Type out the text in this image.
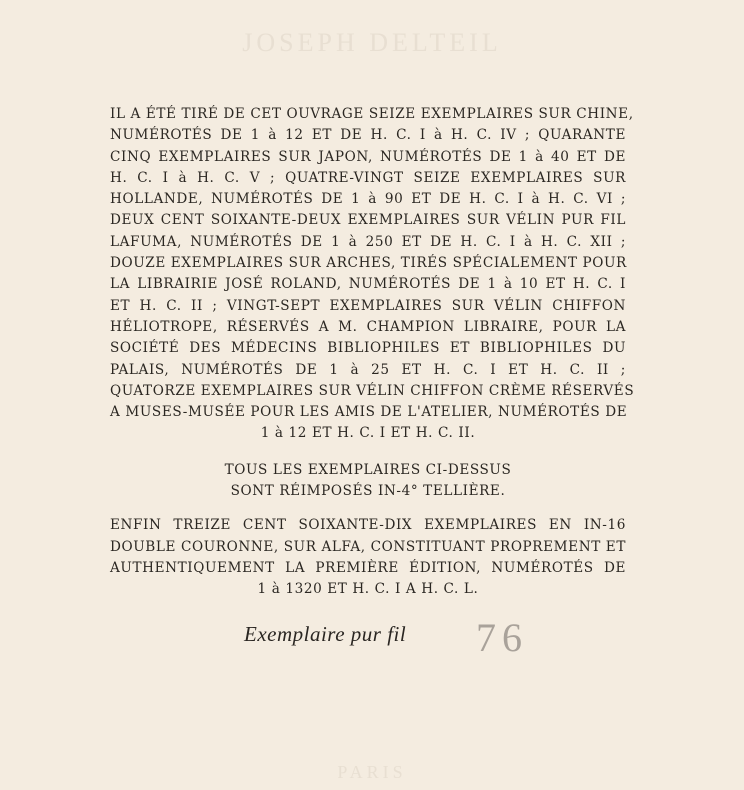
JOSEPH DELTEIL

IL A ÉTÉ TIRÉ DE CET OUVRAGE SEIZE EXEMPLAIRES SUR CHINE,

NUMÉROTÉS DE 1 à 12 ET DE H. C. I à H. C. IV ; QUARANTE

CINQ EXEMPLAIRES SUR JAPON, NUMÉROTÉS DE 1 à 40 ET DE

H. C. I à H. C. V ; QUATRE-VINGT SEIZE EXEMPLAIRES SUR

HOLLANDE, NUMÉROTÉS DE 1 à 90 ET DE H. C. I à H. C. VI ;

DEUX CENT SOIXANTE-DEUX EXEMPLAIRES SUR VÉLIN PUR FIL

LAFUMA, NUMÉROTÉS DE 1 à 250 ET DE H. C. I à H. C. XII ;

DOUZE EXEMPLAIRES SUR ARCHES, TIRÉS SPÉCIALEMENT POUR

LA LIBRAIRIE JOSÉ ROLAND, NUMÉROTÉS DE 1 à 10 ET H. C. I

ET H. C. II ; VINGT-SEPT EXEMPLAIRES SUR VÉLIN CHIFFON

HÉLIOTROPE, RÉSERVÉS A M. CHAMPION LIBRAIRE, POUR LA

SOCIÉTÉ DES MÉDECINS BIBLIOPHILES ET BIBLIOPHILES DU

PALAIS, NUMÉROTÉS DE 1 à 25 ET H. C. I ET H. C. II ;

QUATORZE EXEMPLAIRES SUR VÉLIN CHIFFON CRÈME RÉSERVÉS

A MUSES-MUSÉE POUR LES AMIS DE L'ATELIER, NUMÉROTÉS DE

1 à 12 ET H. C. I ET H. C. II.

TOUS LES EXEMPLAIRES CI-DESSUS

SONT RÉIMPOSÉS IN-4° TELLIÈRE.

ENFIN TREIZE CENT SOIXANTE-DIX EXEMPLAIRES EN IN-16

DOUBLE COURONNE, SUR ALFA, CONSTITUANT PROPREMENT ET

AUTHENTIQUEMENT LA PREMIÈRE ÉDITION, NUMÉROTÉS DE

1 à 1320 ET H. C. I A H. C. L.

Exemplaire pur fil	76
PARIS
